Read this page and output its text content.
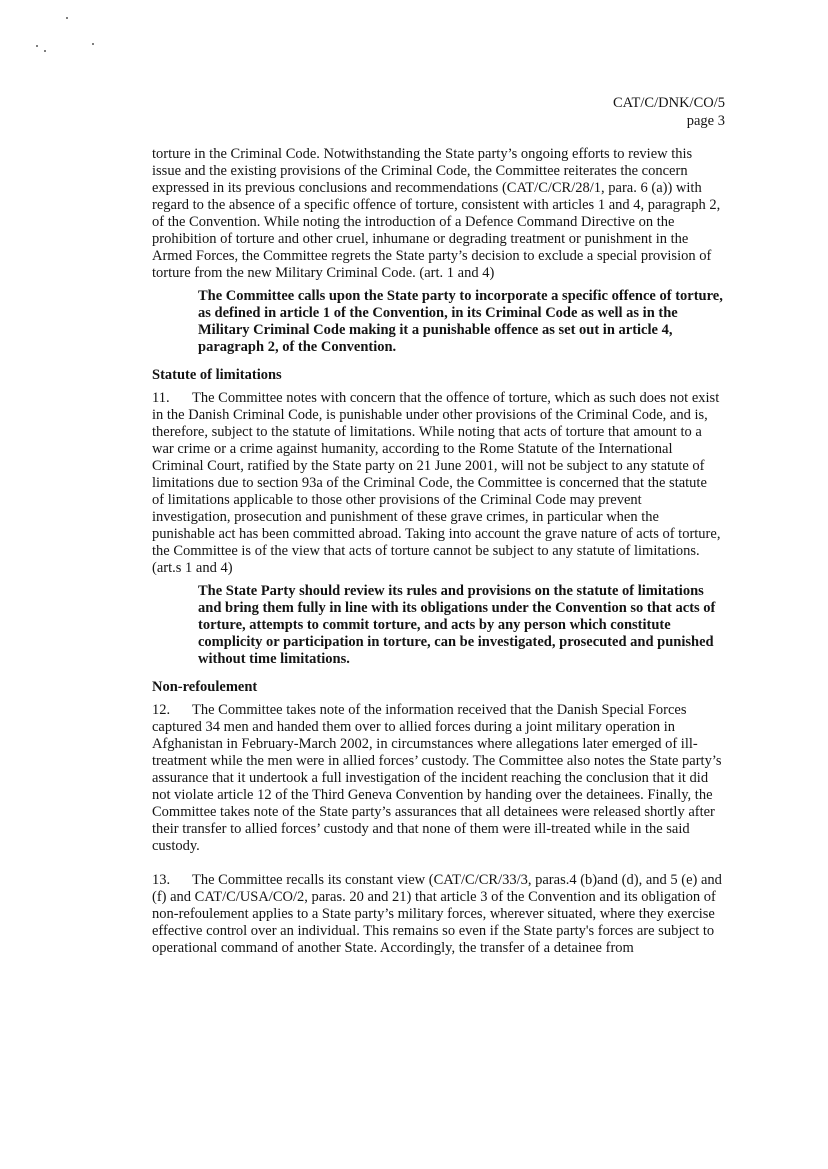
CAT/C/DNK/CO/5
page 3

torture in the Criminal Code. Notwithstanding the State party’s ongoing efforts to review this issue and the existing provisions of the Criminal Code, the Committee reiterates the concern expressed in its previous conclusions and recommendations (CAT/C/CR/28/1, para. 6 (a)) with regard to the absence of a specific offence of torture, consistent with articles 1 and 4, paragraph 2, of the Convention. While noting the introduction of a Defence Command Directive on the prohibition of torture and other cruel, inhumane or degrading treatment or punishment in the Armed Forces, the Committee regrets the State party’s decision to exclude a special provision of torture from the new Military Criminal Code. (art. 1 and 4)

The Committee calls upon the State party to incorporate a specific offence of torture, as defined in article 1 of the Convention, in its Criminal Code as well as in the Military Criminal Code making it a punishable offence as set out in article 4, paragraph 2, of the Convention.

Statute of limitations

11. The Committee notes with concern that the offence of torture, which as such does not exist in the Danish Criminal Code, is punishable under other provisions of the Criminal Code, and is, therefore, subject to the statute of limitations. While noting that acts of torture that amount to a war crime or a crime against humanity, according to the Rome Statute of the International Criminal Court, ratified by the State party on 21 June 2001, will not be subject to any statute of limitations due to section 93a of the Criminal Code, the Committee is concerned that the statute of limitations applicable to those other provisions of the Criminal Code may prevent investigation, prosecution and punishment of these grave crimes, in particular when the punishable act has been committed abroad. Taking into account the grave nature of acts of torture, the Committee is of the view that acts of torture cannot be subject to any statute of limitations. (art.s 1 and 4)

The State Party should review its rules and provisions on the statute of limitations and bring them fully in line with its obligations under the Convention so that acts of torture, attempts to commit torture, and acts by any person which constitute complicity or participation in torture, can be investigated, prosecuted and punished without time limitations.

Non-refoulement

12. The Committee takes note of the information received that the Danish Special Forces captured 34 men and handed them over to allied forces during a joint military operation in Afghanistan in February-March 2002, in circumstances where allegations later emerged of ill-treatment while the men were in allied forces’ custody. The Committee also notes the State party’s assurance that it undertook a full investigation of the incident reaching the conclusion that it did not violate article 12 of the Third Geneva Convention by handing over the detainees. Finally, the Committee takes note of the State party’s assurances that all detainees were released shortly after their transfer to allied forces’ custody and that none of them were ill-treated while in the said custody.

13. The Committee recalls its constant view (CAT/C/CR/33/3, paras.4 (b)and (d), and 5 (e) and (f) and CAT/C/USA/CO/2, paras. 20 and 21) that article 3 of the Convention and its obligation of non-refoulement applies to a State party’s military forces, wherever situated, where they exercise effective control over an individual. This remains so even if the State party's forces are subject to operational command of another State. Accordingly, the transfer of a detainee from
